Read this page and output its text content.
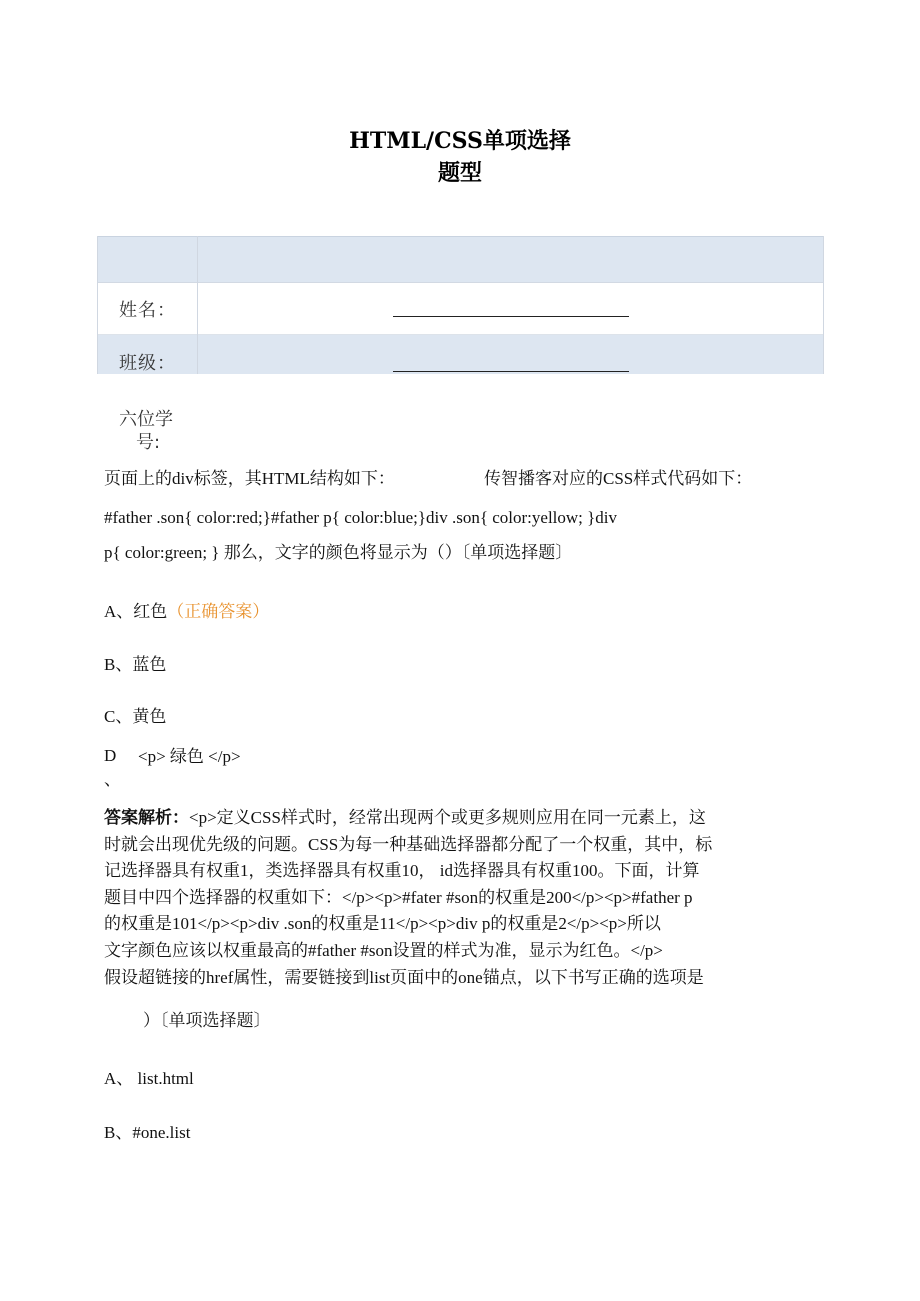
HTML/CSS单项选择
题型
姓名：
班级：
六位学
号:
页面上的div标签，其HTML结构如下：	传智播客对应的CSS样式代码如下：
#father .son{ color:red;}#father p{ color:blue;}div .son{ color:yellow; }div
p{ color:green; } 那么，文字的颜色将显示为（）〔单项选择题〕
A、红色（正确答案）
B、蓝色
C、黄色
D <p> 绿色 </p>
、
答案解析：<p>定义CSS样式时，经常出现两个或更多规则应用在同一元素上，这
时就会出现优先级的问题。CSS为每一种基础选择器都分配了一个权重，其中，标
记选择器具有权重1，类选择器具有权重10， id选择器具有权重100。下面，计算
题目中四个选择器的权重如下：</p><p>#fater #son的权重是200</p><p>#father p
的权重是101</p><p>div .son的权重是11</p><p>div p的权重是2</p><p>所以
文字颜色应该以权重最高的#father #son设置的样式为准，显示为红色。</p>
假设超链接的href属性，需要链接到list页面中的one锚点，以下书写正确的选项是
）〔单项选择题〕
A、 list.html
B、#one.list
